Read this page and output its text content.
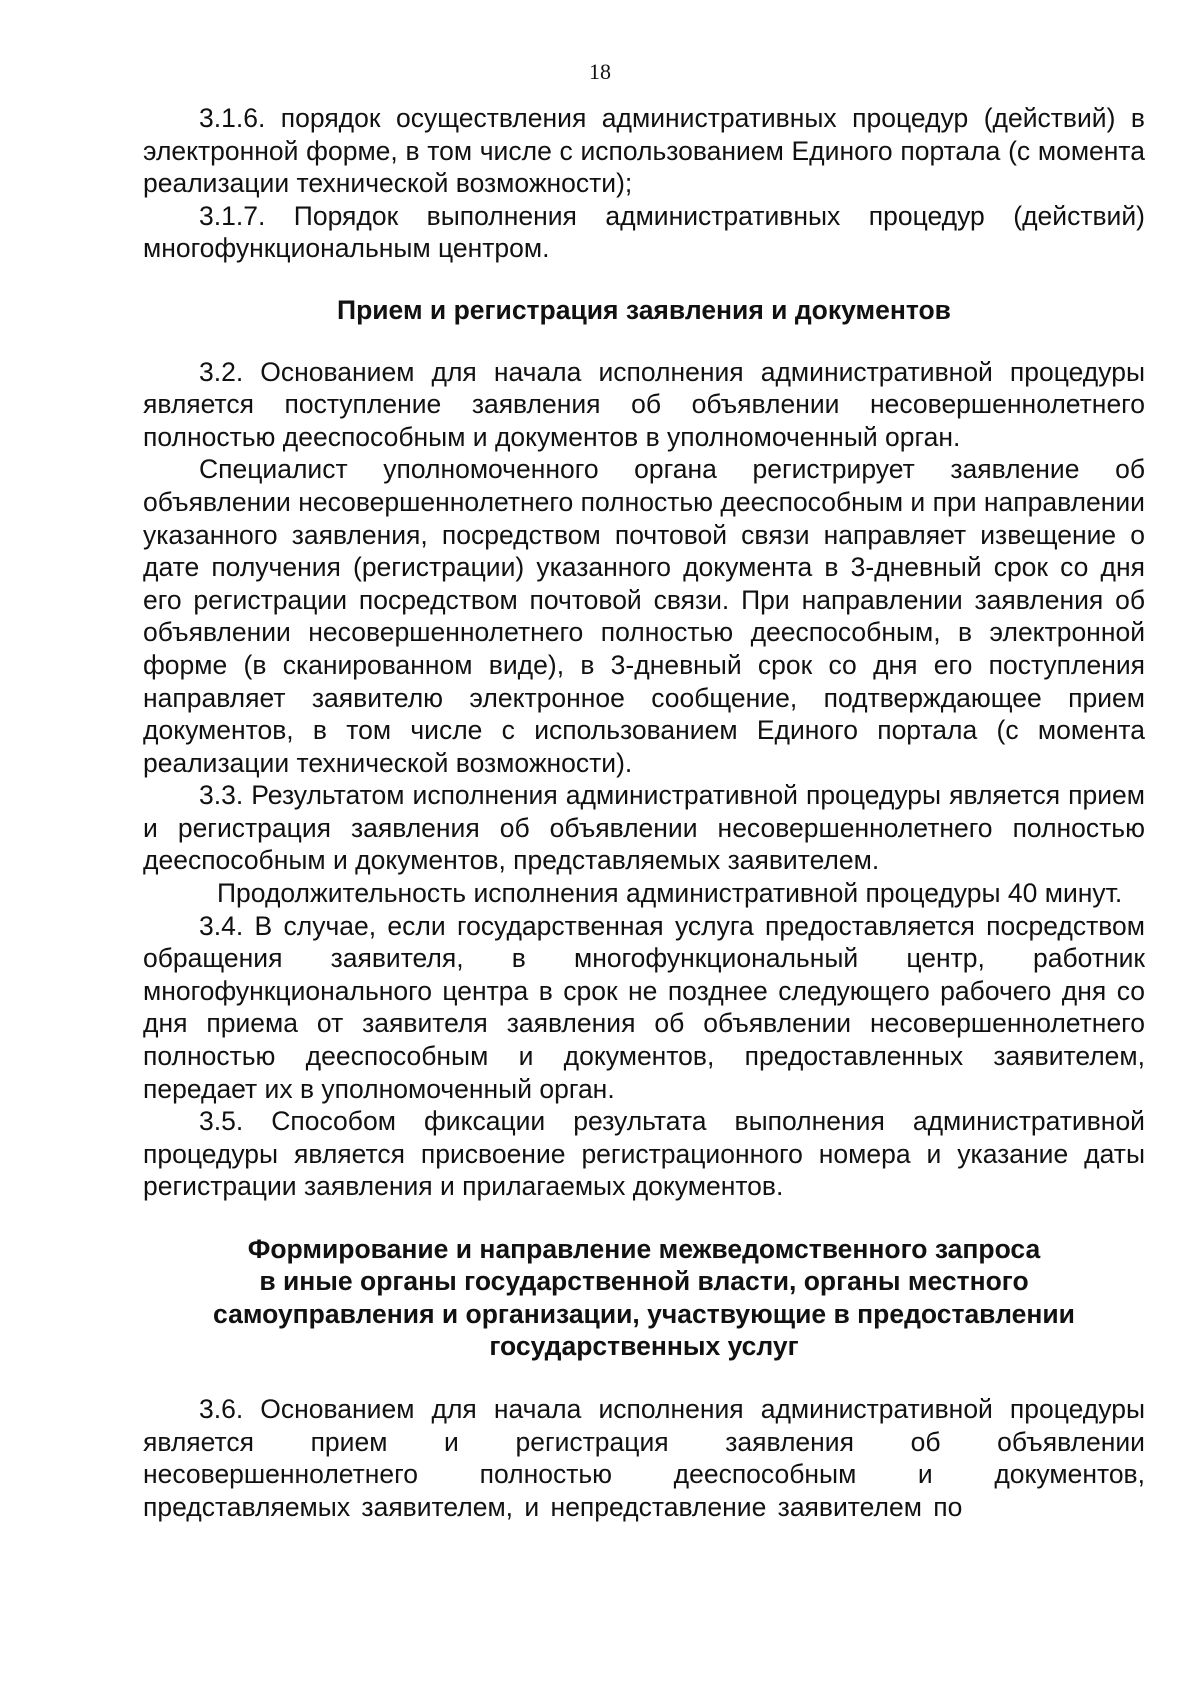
18

3.1.6. порядок осуществления административных процедур (действий) в электронной форме, в том числе с использованием Единого портала (с момента реализации технической возможности);

3.1.7. Порядок выполнения административных процедур (действий) многофункциональным центром.

Прием и регистрация заявления и документов

3.2. Основанием для начала исполнения административной процедуры является поступление заявления об объявлении несовершеннолетнего полностью дееспособным и документов в уполномоченный орган.

Специалист уполномоченного органа регистрирует заявление об объявлении несовершеннолетнего полностью дееспособным и при направлении указанного заявления, посредством почтовой связи направляет извещение о дате получения (регистрации) указанного документа в 3-дневный срок со дня его регистрации посредством почтовой связи. При направлении заявления об объявлении несовершеннолетнего полностью дееспособным, в электронной форме (в сканированном виде), в 3-дневный срок со дня его поступления направляет заявителю электронное сообщение, подтверждающее прием документов, в том числе с использованием Единого портала (с момента реализации технической возможности).

3.3. Результатом исполнения административной процедуры является прием и регистрация заявления об объявлении несовершеннолетнего полностью дееспособным и документов, представляемых заявителем.

Продолжительность исполнения административной процедуры 40 минут.

3.4. В случае, если государственная услуга предоставляется посредством обращения заявителя, в многофункциональный центр, работник многофункционального центра в срок не позднее следующего рабочего дня со дня приема от заявителя заявления об объявлении несовершеннолетнего полностью дееспособным и документов, предоставленных заявителем, передает их в уполномоченный орган.

3.5. Способом фиксации результата выполнения административной процедуры является присвоение регистрационного номера и указание даты регистрации заявления и прилагаемых документов.

Формирование и направление межведомственного запроса
в иные органы государственной власти, органы местного
самоуправления и организации, участвующие в предоставлении
государственных услуг

3.6. Основанием для начала исполнения административной процедуры является прием и регистрация заявления об объявлении несовершеннолетнего полностью дееспособным и документов, представляемых заявителем, и непредставление заявителем по
